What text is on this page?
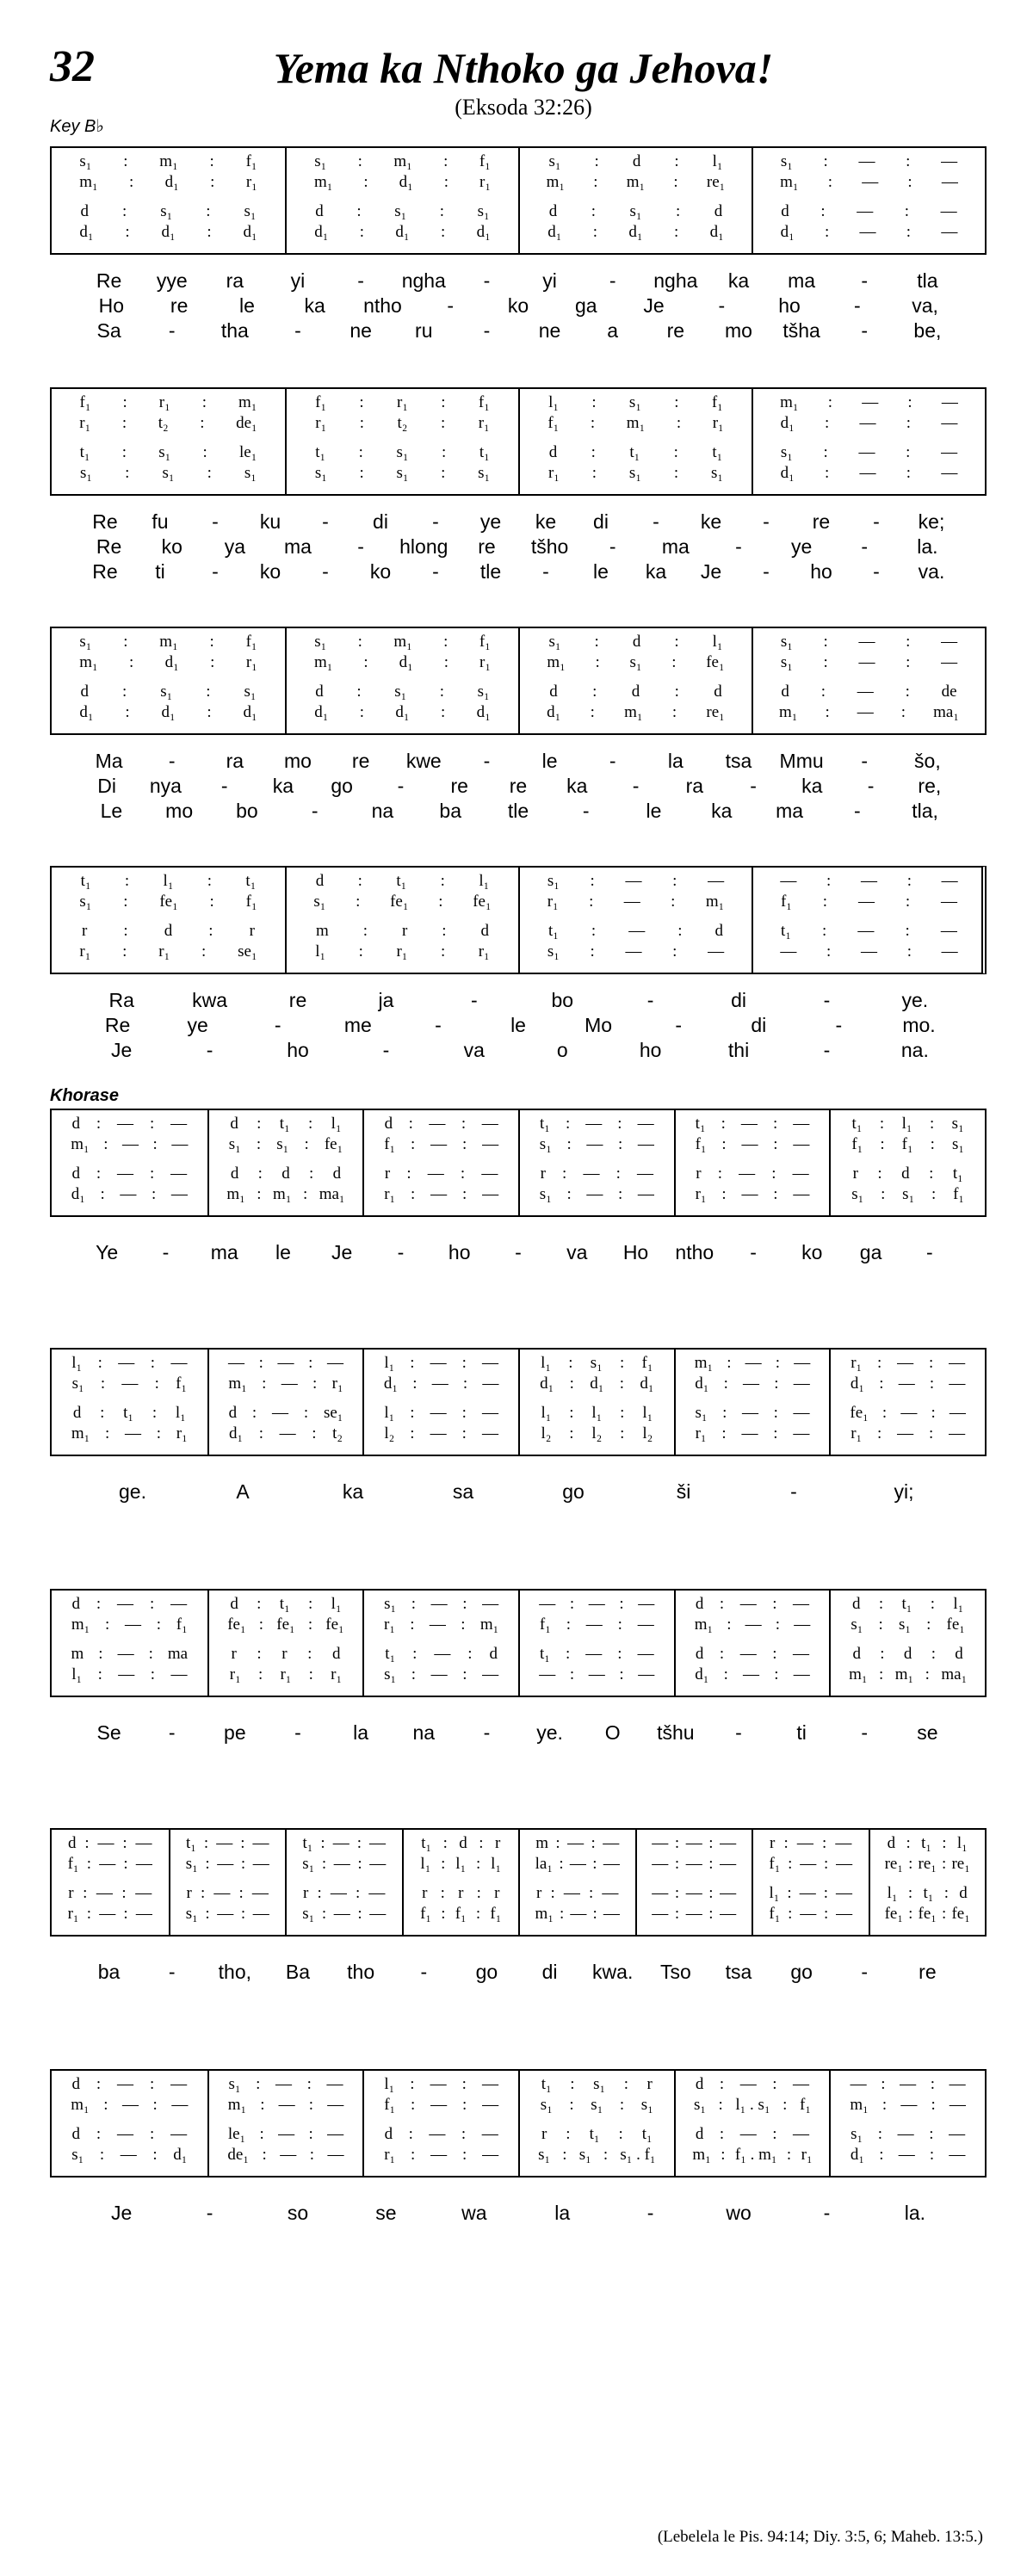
32	Yema ka Nthoko ga Jehova!
(Eksoda 32:26)
Key B♭
s₁ : m₁ : f₁
m₁ : d₁ : r₁
d : s₁ : s₁
d₁ : d₁ : d₁
s₁ : m₁ : f₁
m₁ : d₁ : r₁
d : s₁ : s₁
d₁ : d₁ : d₁
s₁ : d : l₁
m₁ : m₁ : re₁
d : s₁ : d
d₁ : d₁ : d₁
s₁ : — : —
m₁ : — : —
d : — : —
d₁ : — : —
Re	yye	ra	yi	-	ngha	-	yi	-	ngha	ka	ma	-	tla
Ho	re	le	ka	ntho	-	ko	ga	Je	-	ho	-	va,
Sa	-	tha	-	ne	ru	-	ne	a	re	mo	tšha	-	be,
f₁ : r₁ : m₁
r₁ : t₂ : de₁
t₁ : s₁ : le₁
s₁ : s₁ : s₁
f₁ : r₁ : f₁
r₁ : t₂ : r₁
t₁ : s₁ : t₁
s₁ : s₁ : s₁
l₁ : s₁ : f₁
f₁ : m₁ : r₁
d : t₁ : t₁
r₁ : s₁ : s₁
m₁ : — : —
d₁ : — : —
s₁ : — : —
d₁ : — : —
Re	fu	-	ku	-	di	-	ye	ke	di	-	ke	-	re	-	ke;
Re	ko	ya	ma	-	hlong	re	tšho	-	ma	-	ye	-	la.
Re	ti	-	ko	-	ko	-	tle	-	le	ka	Je	-	ho	-	va.
s₁ : m₁ : f₁
m₁ : d₁ : r₁
d : s₁ : s₁
d₁ : d₁ : d₁
s₁ : m₁ : f₁
m₁ : d₁ : r₁
d : s₁ : s₁
d₁ : d₁ : d₁
s₁ : d : l₁
m₁ : s₁ : fe₁
d : d : d
d₁ : m₁ : re₁
s₁ : — : —
s₁ : — : —
d : — : de
m₁ : — : ma₁
Ma	-	ra	mo	re	kwe	-	le	-	la	tsa	Mmu	-	šo,
Di	nya	-	ka	go	-	re	re	ka	-	ra	-	ka	-	re,
Le	mo	bo	-	na	ba	tle	-	le	ka	ma	-	tla,
t₁ : l₁ : t₁
s₁ : fe₁ : f₁
r : d : r
r₁ : r₁ : se₁
d : t₁ : l₁
s₁ : fe₁ : fe₁
m : r : d
l₁ : r₁ : r₁
s₁ : — : —
r₁ : — : m₁
t₁ : — : d
s₁ : — : —
— : — : —
f₁ : — : —
t₁ : — : —
— : — : —
Ra	kwa	re	ja	-	bo	-	di	-	ye.
Re	ye	-	me	-	le	Mo	-	di	-	mo.
Je	-	ho	-	va	o	ho	thi	-	na.
Khorase
d : — : —
m₁ : — : —
d : — : —
d₁ : — : —
d : t₁ : l₁
s₁ : s₁ : fe₁
d : d : d
m₁ : m₁ : ma₁
d : — : —
f₁ : — : —
r : — : —
r₁ : — : —
t₁ : — : —
s₁ : — : —
r : — : —
s₁ : — : —
t₁ : — : —
f₁ : — : —
r : — : —
r₁ : — : —
t₁ : l₁ : s₁
f₁ : f₁ : s₁
r : d : t₁
s₁ : s₁ : f₁
Ye	-	ma	le	Je	-	ho	-	va	Ho	ntho	-	ko	ga	-
l₁ : — : —
s₁ : — : f₁
d : t₁ : l₁
m₁ : — : r₁
— : — : —
m₁ : — : r₁
d : — : se₁
d₁ : — : t₂
l₁ : — : —
d₁ : — : —
l₁ : — : —
l₂ : — : —
l₁ : s₁ : f₁
d₁ : d₁ : d₁
l₁ : l₁ : l₁
l₂ : l₂ : l₂
m₁ : — : —
d₁ : — : —
s₁ : — : —
r₁ : — : —
r₁ : — : —
d₁ : — : —
fe₁ : — : —
r₁ : — : —
ge.	A	ka	sa	go	ši	-	yi;
d : — : —
m₁ : — : f₁
m : — : ma
l₁ : — : —
d : t₁ : l₁
fe₁ : fe₁ : fe₁
r : r : d
r₁ : r₁ : r₁
s₁ : — : —
r₁ : — : m₁
t₁ : — : d
s₁ : — : —
— : — : —
f₁ : — : —
t₁ : — : —
— : — : —
d : — : —
m₁ : — : —
d : — : —
d₁ : — : —
d : t₁ : l₁
s₁ : s₁ : fe₁
d : d : d
m₁ : m₁ : ma₁
Se	-	pe	-	la	na	-	ye.	O	tšhu	-	ti	-	se
d : — : —
f₁ : — : —
r : — : —
r₁ : — : —
t₁ : — : —
s₁ : — : —
r : — : —
s₁ : — : —
t₁ : — : —
s₁ : — : —
r : — : —
s₁ : — : —
t₁ : d : r
l₁ : l₁ : l₁
r : r : r
f₁ : f₁ : f₁
m : — : —
la₁ : — : —
r : — : —
m₁ : — : —
— : — : —
— : — : —
— : — : —
— : — : —
r : — : —
f₁ : — : —
l₁ : — : —
f₁ : — : —
d : t₁ : l₁
re₁ : re₁ : re₁
l₁ : t₁ : d
fe₁ : fe₁ : fe₁
ba	-	tho,	Ba	tho	-	go	di	kwa.	Tso	tsa	go	-	re
d : — : —
m₁ : — : —
d : — : —
s₁ : — : d₁
s₁ : — : —
m₁ : — : —
le₁ : — : —
de₁ : — : —
l₁ : — : —
f₁ : — : —
d : — : —
r₁ : — : —
t₁ : s₁ : r
s₁ : s₁ : s₁
r : t₁ : t₁
s₁ : s₁ : s₁ . f₁
d : — : —
s₁ : l₁ . s₁ : f₁
d : — : —
m₁ : f₁ . m₁ : r₁
— : — : —
m₁ : — : —
s₁ : — : —
d₁ : — : —
Je	-	so	se	wa	la	-	wo	-	la.
(Lebelela le Pis. 94:14; Diy. 3:5, 6; Maheb. 13:5.)
